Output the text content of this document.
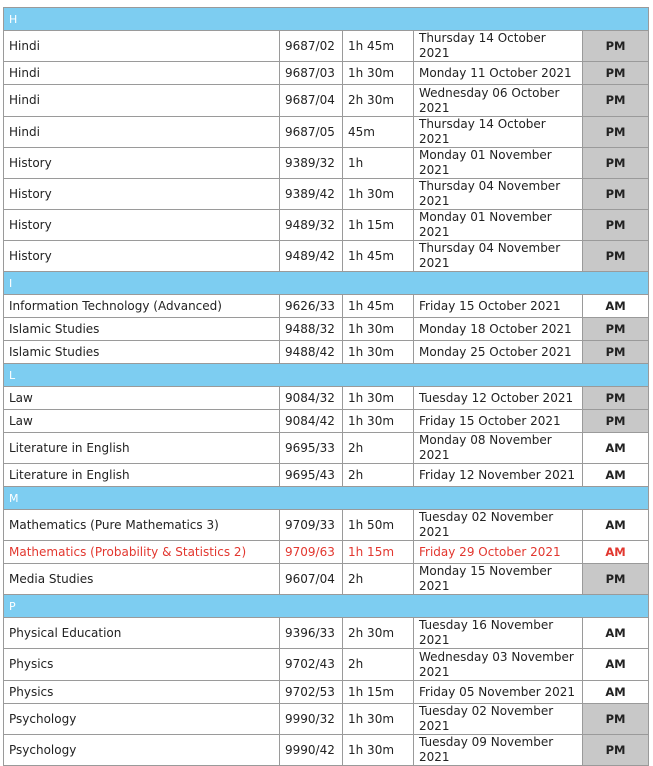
H				
Hindi	9687/02	1h 45m	Thursday 14 October 2021	PM
Hindi	9687/03	1h 30m	Monday 11 October 2021	PM
Hindi	9687/04	2h 30m	Wednesday 06 October 2021	PM
Hindi	9687/05	45m	Thursday 14 October 2021	PM
History	9389/32	1h	Monday 01 November 2021	PM
History	9389/42	1h 30m	Thursday 04 November 2021	PM
History	9489/32	1h 15m	Monday 01 November 2021	PM
History	9489/42	1h 45m	Thursday 04 November 2021	PM
I				
Information Technology (Advanced)	9626/33	1h 45m	Friday 15 October 2021	AM
Islamic Studies	9488/32	1h 30m	Monday 18 October 2021	PM
Islamic Studies	9488/42	1h 30m	Monday 25 October 2021	PM
L				
Law	9084/32	1h 30m	Tuesday 12 October 2021	PM
Law	9084/42	1h 30m	Friday 15 October 2021	PM
Literature in English	9695/33	2h	Monday 08 November 2021	AM
Literature in English	9695/43	2h	Friday 12 November 2021	AM
M				
Mathematics (Pure Mathematics 3)	9709/33	1h 50m	Tuesday 02 November 2021	AM
Mathematics (Probability & Statistics 2)	9709/63	1h 15m	Friday 29 October 2021	AM
Media Studies	9607/04	2h	Monday 15 November 2021	PM
P				
Physical Education	9396/33	2h 30m	Tuesday 16 November 2021	AM
Physics	9702/43	2h	Wednesday 03 November 2021	AM
Physics	9702/53	1h 15m	Friday 05 November 2021	AM
Psychology	9990/32	1h 30m	Tuesday 02 November 2021	PM
Psychology	9990/42	1h 30m	Tuesday 09 November 2021	PM
